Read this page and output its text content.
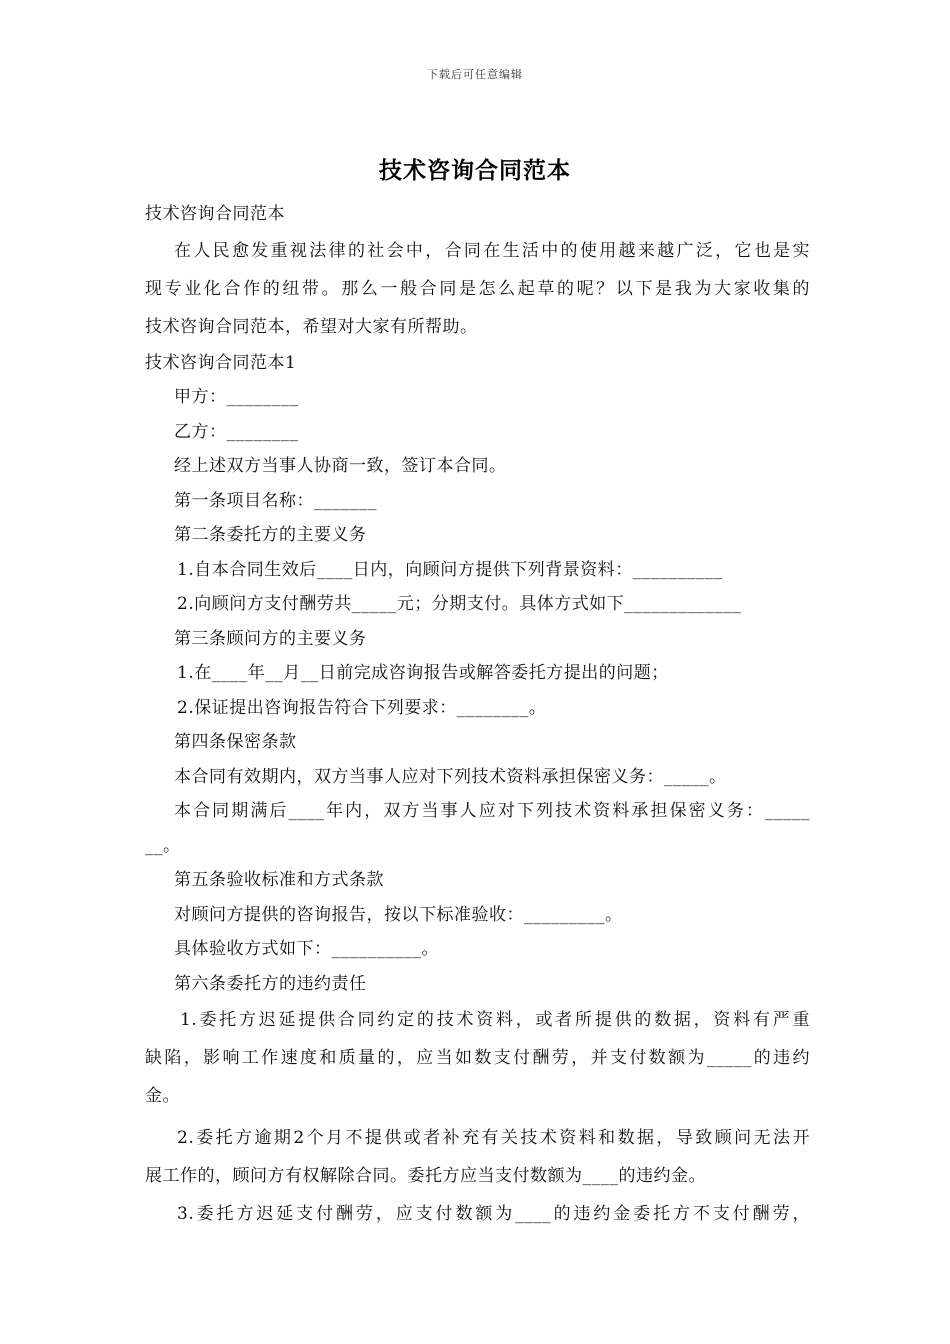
下载后可任意编辑
技术咨询合同范本
技术咨询合同范本
在人民愈发重视法律的社会中，合同在生活中的使用越来越广泛，它也是实
现专业化合作的纽带。那么一般合同是怎么起草的呢？以下是我为大家收集的
技术咨询合同范本，希望对大家有所帮助。
技术咨询合同范本1
甲方：________
乙方：________
经上述双方当事人协商一致，签订本合同。
第一条项目名称：_______
第二条委托方的主要义务
1.自本合同生效后____日内，向顾问方提供下列背景资料：__________
2.向顾问方支付酬劳共_____元；分期支付。具体方式如下_____________
第三条顾问方的主要义务
1.在____年__月__日前完成咨询报告或解答委托方提出的问题；
2.保证提出咨询报告符合下列要求：________。
第四条保密条款
本合同有效期内，双方当事人应对下列技术资料承担保密义务：_____。
本合同期满后____年内，双方当事人应对下列技术资料承担保密义务：_____
__。
第五条验收标准和方式条款
对顾问方提供的咨询报告，按以下标准验收：_________。
具体验收方式如下：__________。
第六条委托方的违约责任
1.委托方迟延提供合同约定的技术资料，或者所提供的数据，资料有严重
缺陷，影响工作速度和质量的，应当如数支付酬劳，并支付数额为_____的违约
金。
2.委托方逾期2个月不提供或者补充有关技术资料和数据，导致顾问无法开
展工作的，顾问方有权解除合同。委托方应当支付数额为____的违约金。
3.委托方迟延支付酬劳，应支付数额为____的违约金委托方不支付酬劳，
